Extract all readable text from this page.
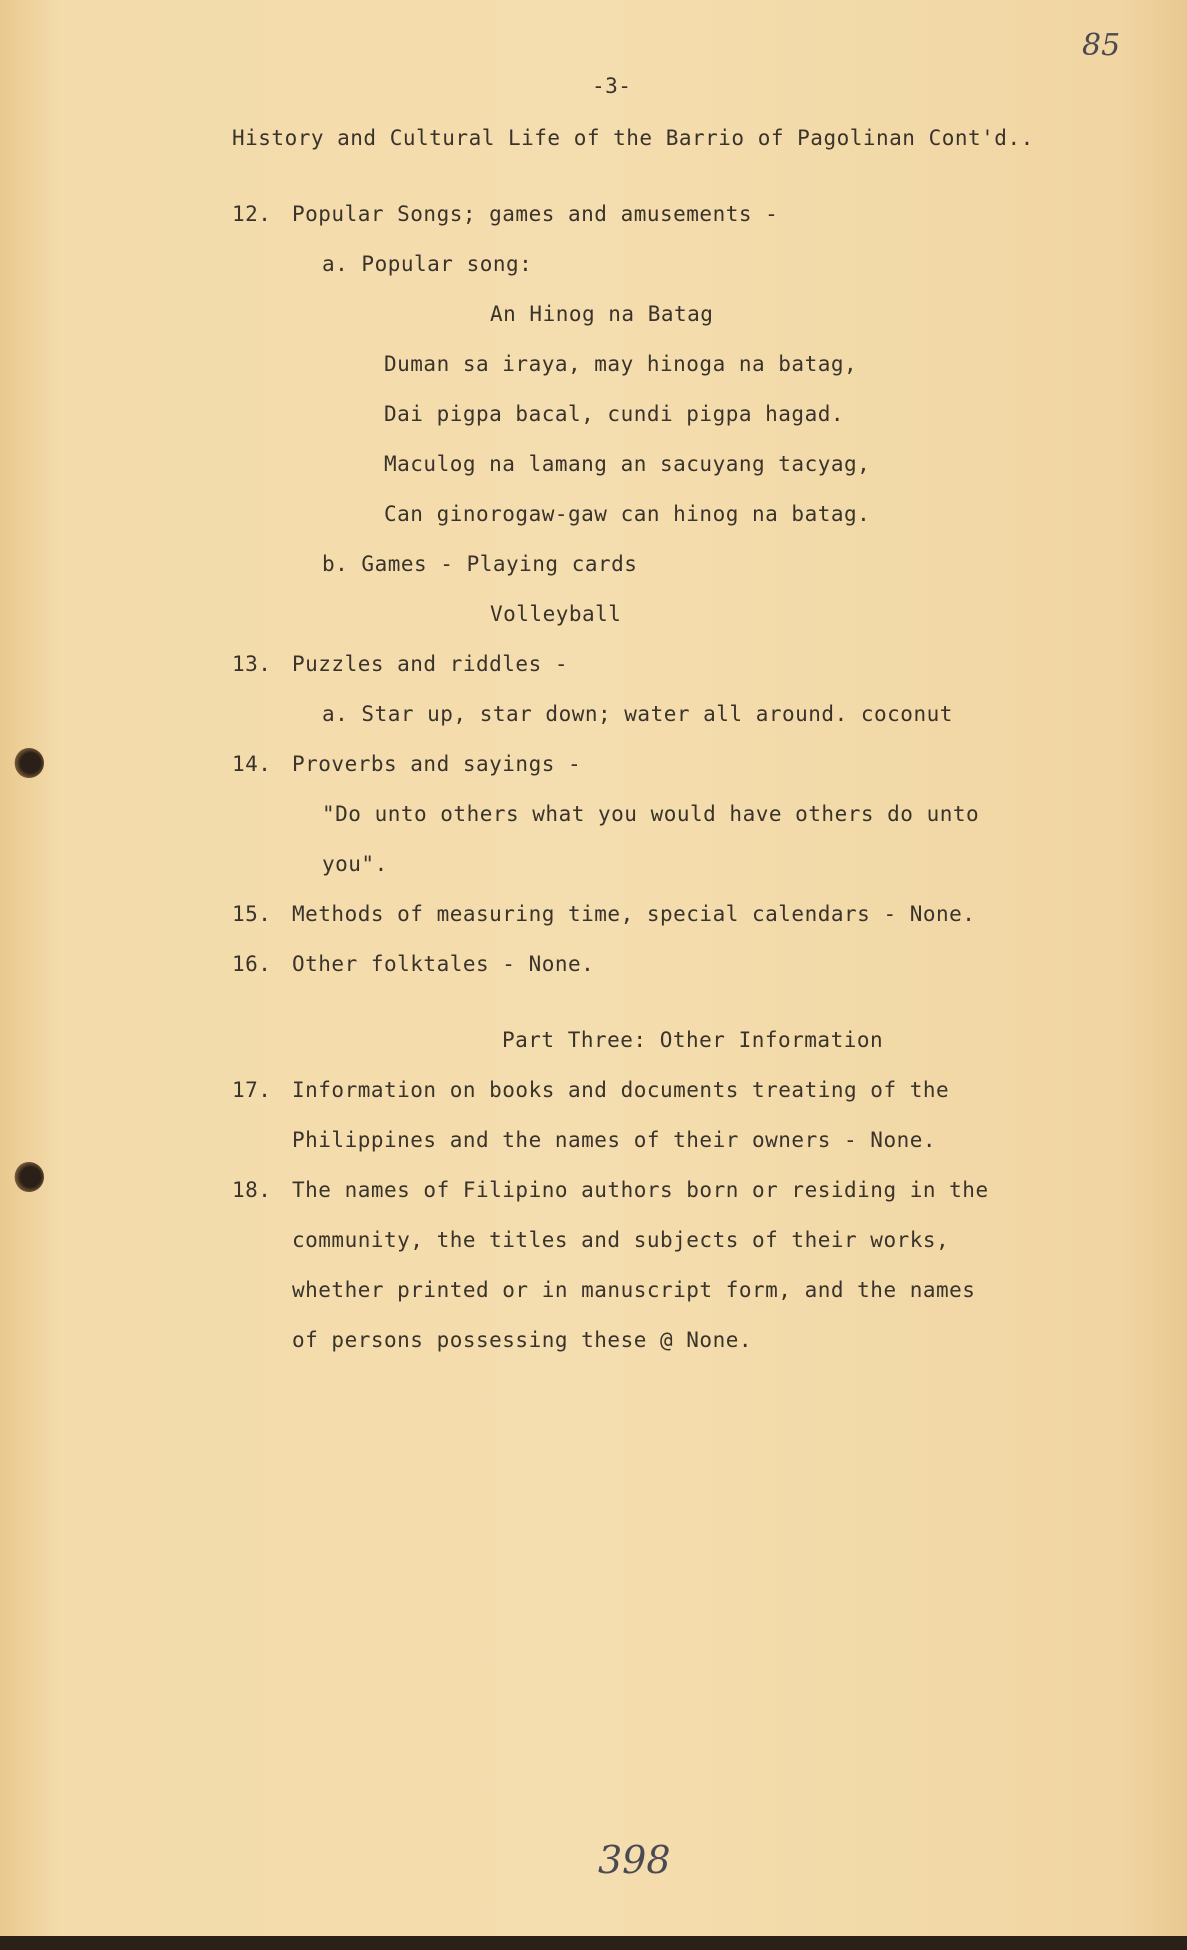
85
-3-
History and Cultural Life of the Barrio of Pagolinan Cont'd..
12. Popular Songs; games and amusements -
a. Popular song:
An Hinog na Batag
Duman sa iraya, may hinoga na batag,
Dai pigpa bacal, cundi pigpa hagad.
Maculog na lamang an sacuyang tacyag,
Can ginorogaw-gaw can hinog na batag.
b. Games - Playing cards
Volleyball
13. Puzzles and riddles -
a. Star up, star down; water all around. coconut
14. Proverbs and sayings -
"Do unto others what you would have others do unto
you".
15. Methods of measuring time, special calendars - None.
16. Other folktales - None.
Part Three: Other Information
17. Information on books and documents treating of the
Philippines and the names of their owners - None.
18. The names of Filipino authors born or residing in the
community, the titles and subjects of their works,
whether printed or in manuscript form, and the names
of persons possessing these @ None.
398
